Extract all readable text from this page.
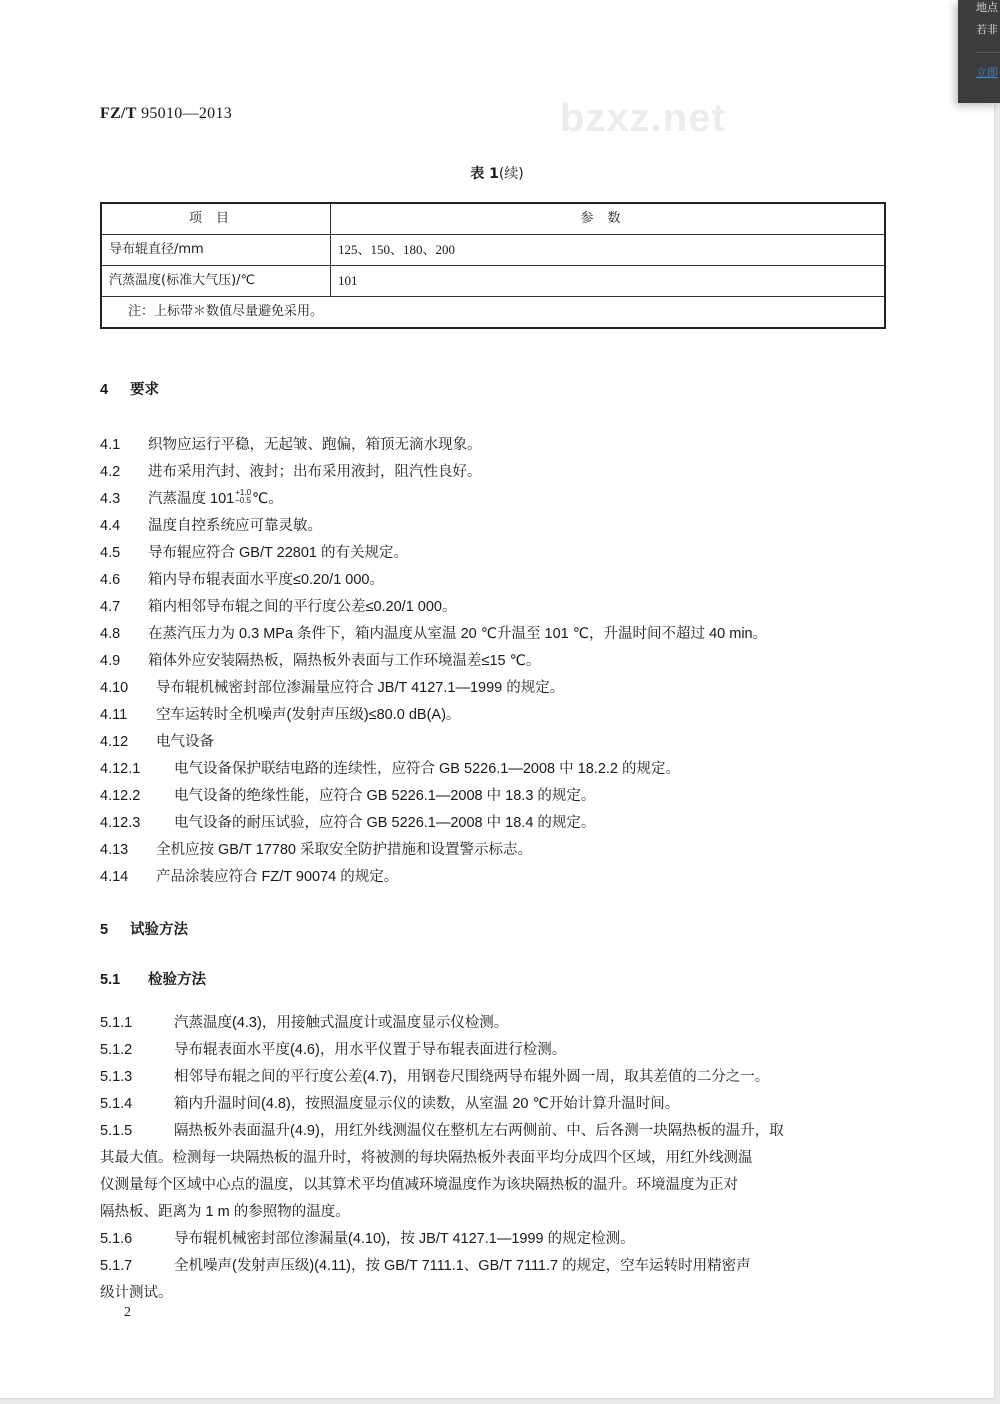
FZ/T 95010—2013	bzxz.net
表 1(续)
项目	参数
导布辊直径/mm	125、150、180、200
汽蒸温度(标准大气压)/℃	101
注：上标带＊数值尽量避免采用。	
4 要求
4.1 织物应运行平稳，无起皱、跑偏，箱顶无滴水现象。
4.2 进布采用汽封、液封；出布采用液封，阻汽性良好。
4.3 汽蒸温度 101 +1.0
−0.5 ℃。
4.4 温度自控系统应可靠灵敏。
4.5 导布辊应符合 GB/T 22801 的有关规定。
4.6 箱内导布辊表面水平度≤0.20/1 000。
4.7 箱内相邻导布辊之间的平行度公差≤0.20/1 000。
4.8 在蒸汽压力为 0.3 MPa 条件下，箱内温度从室温 20 ℃升温至 101 ℃，升温时间不超过 40 min。
4.9 箱体外应安装隔热板，隔热板外表面与工作环境温差≤15 ℃。
4.10 导布辊机械密封部位渗漏量应符合 JB/T 4127.1—1999 的规定。
4.11 空车运转时全机噪声(发射声压级)≤80.0 dB(A)。
4.12 电气设备
4.12.1 电气设备保护联结电路的连续性，应符合 GB 5226.1—2008 中 18.2.2 的规定。
4.12.2 电气设备的绝缘性能，应符合 GB 5226.1—2008 中 18.3 的规定。
4.12.3 电气设备的耐压试验，应符合 GB 5226.1—2008 中 18.4 的规定。
4.13 全机应按 GB/T 17780 采取安全防护措施和设置警示标志。
4.14 产品涂装应符合 FZ/T 90074 的规定。
5 试验方法
5.1 检验方法
5.1.1	汽蒸温度(4.3)，用接触式温度计或温度显示仪检测。
5.1.2	导布辊表面水平度(4.6)，用水平仪置于导布辊表面进行检测。
5.1.3	相邻导布辊之间的平行度公差(4.7)，用钢卷尺围绕两导布辊外圆一周，取其差值的二分之一。
5.1.4	箱内升温时间(4.8)，按照温度显示仪的读数，从室温 20 ℃开始计算升温时间。
5.1.5	隔热板外表面温升(4.9)，用红外线测温仪在整机左右两侧前、中、后各测一块隔热板的温升，取
其最大值。检测每一块隔热板的温升时，将被测的每块隔热板外表面平均分成四个区域，用红外线测温
仪测量每个区域中心点的温度，以其算术平均值减环境温度作为该块隔热板的温升。环境温度为正对
隔热板、距离为 1 m 的参照物的温度。
5.1.6	导布辊机械密封部位渗漏量(4.10)，按 JB/T 4127.1—1999 的规定检测。
5.1.7	全机噪声(发射声压级)(4.11)，按 GB/T 7111.1、GB/T 7111.7 的规定，空车运转时用精密声
级计测试。
2
地点
若非
立即
